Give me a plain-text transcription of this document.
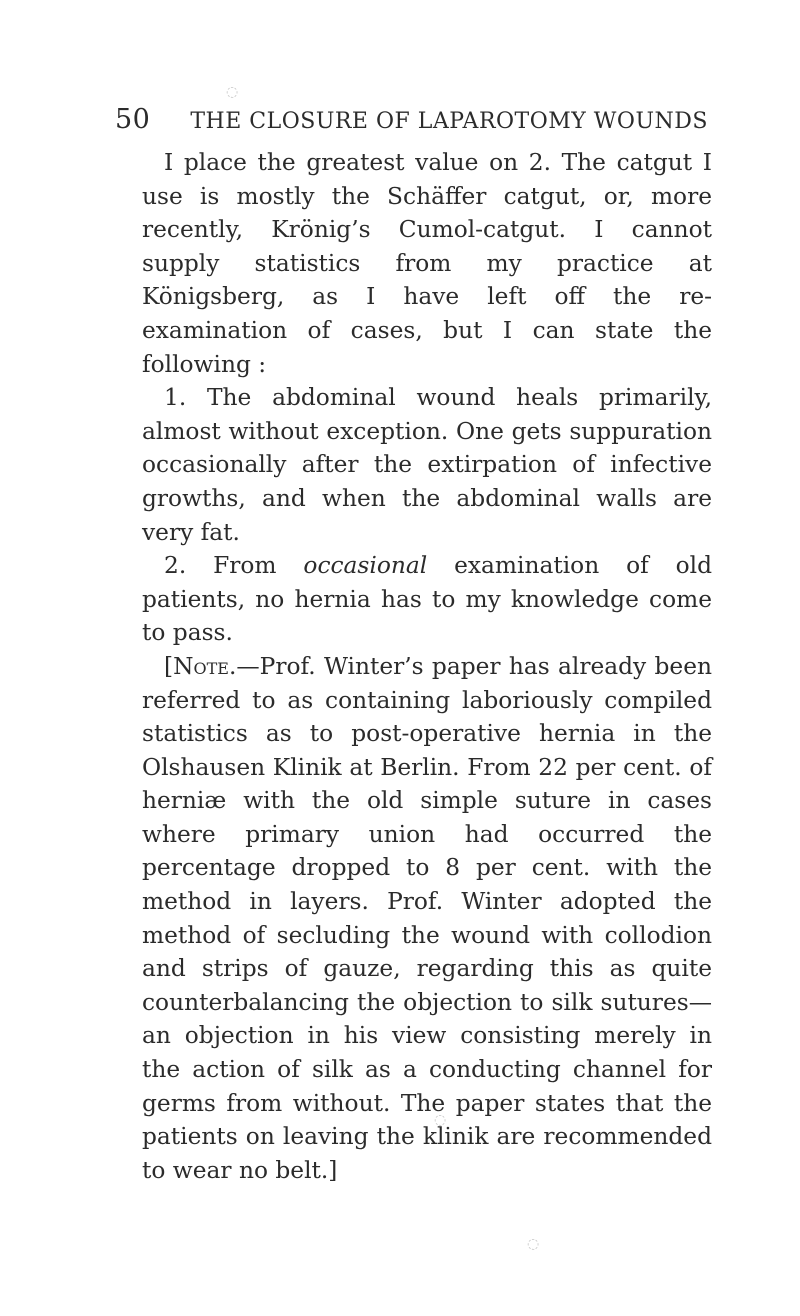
50 THE CLOSURE OF LAPAROTOMY WOUNDS

I place the greatest value on 2. The catgut I use is mostly the Schäffer catgut, or, more recently, Krönig’s Cumol-catgut. I cannot supply statistics from my practice at Königsberg, as I have left off the re-examination of cases, but I can state the following :

1. The abdominal wound heals primarily, almost without exception. One gets suppuration occasionally after the extirpation of infective growths, and when the abdominal walls are very fat.

2. From occasional examination of old patients, no hernia has to my knowledge come to pass.

[Note.—Prof. Winter’s paper has already been referred to as containing laboriously compiled statistics as to post-operative hernia in the Olshausen Klinik at Berlin. From 22 per cent. of herniæ with the old simple suture in cases where primary union had occurred the percentage dropped to 8 per cent. with the method in layers. Prof. Winter adopted the method of secluding the wound with collodion and strips of gauze, regarding this as quite counterbalancing the objection to silk sutures—an objection in his view consisting merely in the action of silk as a conducting channel for germs from without. The paper states that the patients on leaving the klinik are recommended to wear no belt.]

◌
◌
◌
